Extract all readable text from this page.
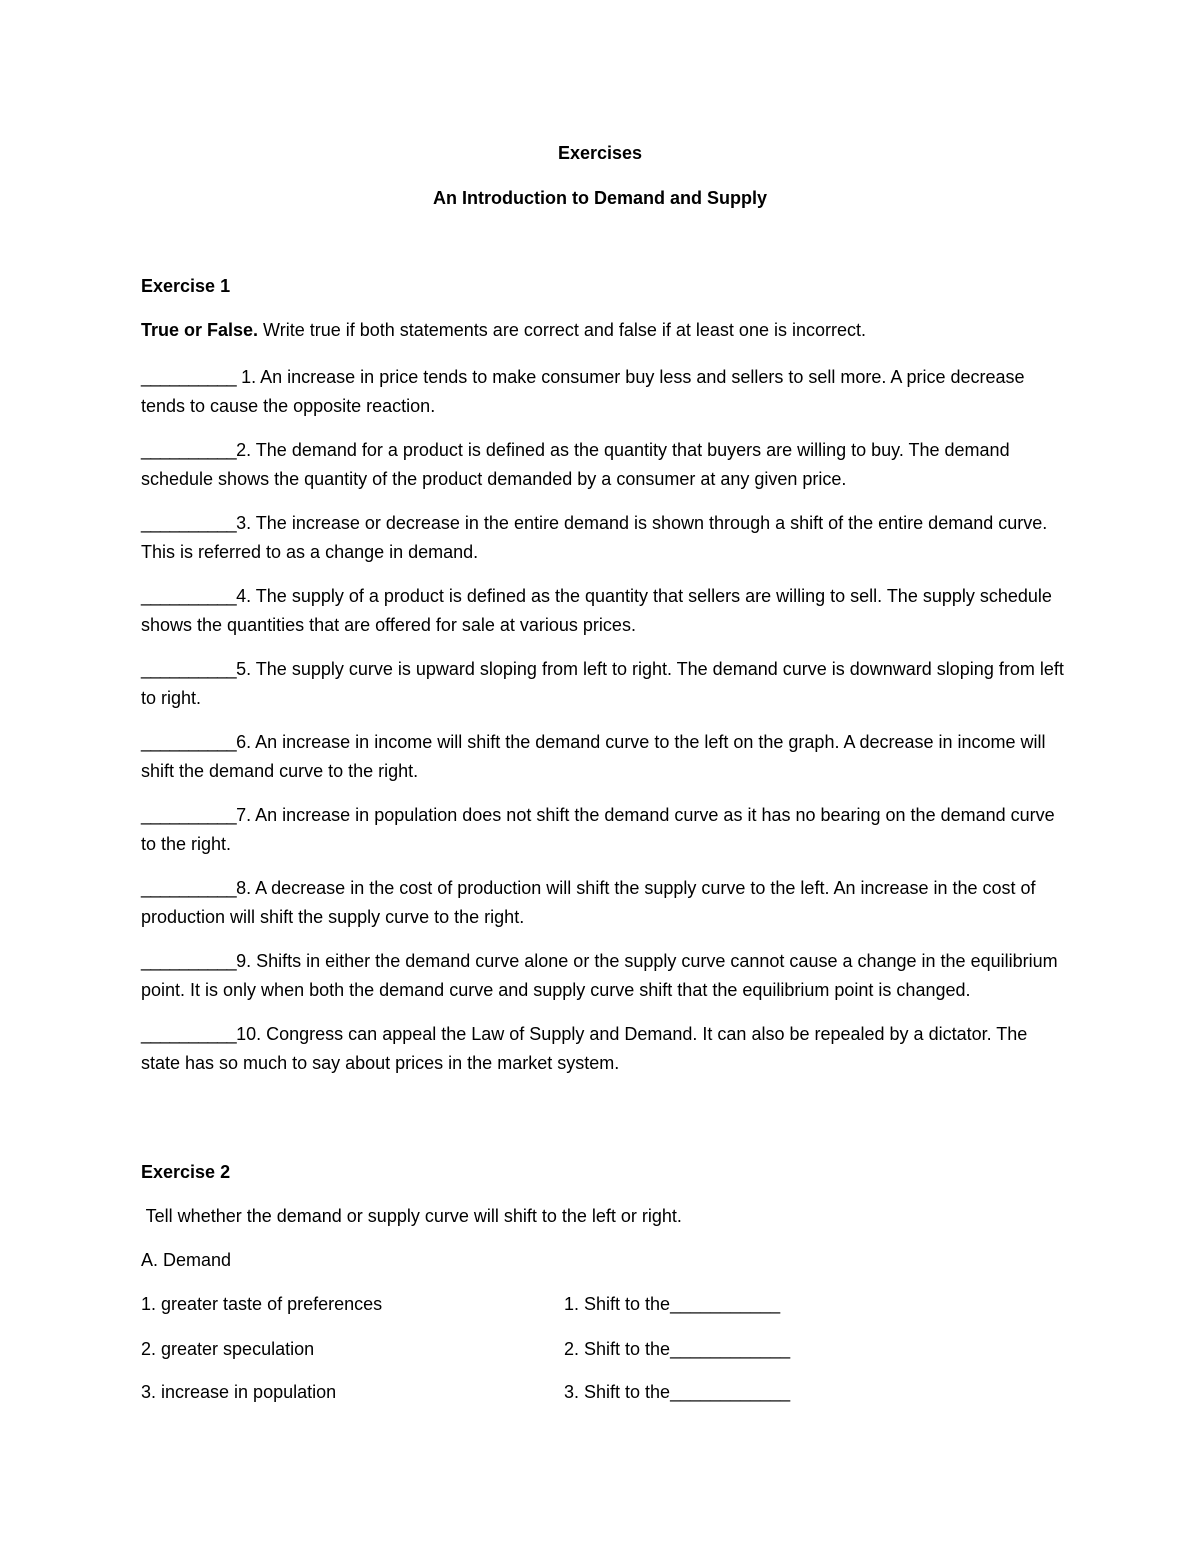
Exercises
An Introduction to Demand and Supply
Exercise 1
True or False. Write true if both statements are correct and false if at least one is incorrect.
__________ 1. An increase in price tends to make consumer buy less and sellers to sell more. A price decrease tends to cause the opposite reaction.
__________2. The demand for a product is defined as the quantity that buyers are willing to buy. The demand schedule shows the quantity of the product demanded by a consumer at any given price.
__________3. The increase or decrease in the entire demand is shown through a shift of the entire demand curve. This is referred to as a change in demand.
__________4. The supply of a product is defined as the quantity that sellers are willing to sell. The supply schedule shows the quantities that are offered for sale at various prices.
__________5. The supply curve is upward sloping from left to right. The demand curve is downward sloping from left to right.
__________6. An increase in income will shift the demand curve to the left on the graph. A decrease in income will shift the demand curve to the right.
__________7. An increase in population does not shift the demand curve as it has no bearing on the demand curve to the right.
__________8. A decrease in the cost of production will shift the supply curve to the left. An increase in the cost of production will shift the supply curve to the right.
__________9. Shifts in either the demand curve alone or the supply curve cannot cause a change in the equilibrium point. It is only when both the demand curve and supply curve shift that the equilibrium point is changed.
__________10. Congress can appeal the Law of Supply and Demand. It can also be repealed by a dictator. The state has so much to say about prices in the market system.
Exercise 2
Tell whether the demand or supply curve will shift to the left or right.
A. Demand
1. greater taste of preferences	1. Shift to the___________
2. greater speculation	2. Shift to the____________
3. increase in population	3. Shift to the____________
